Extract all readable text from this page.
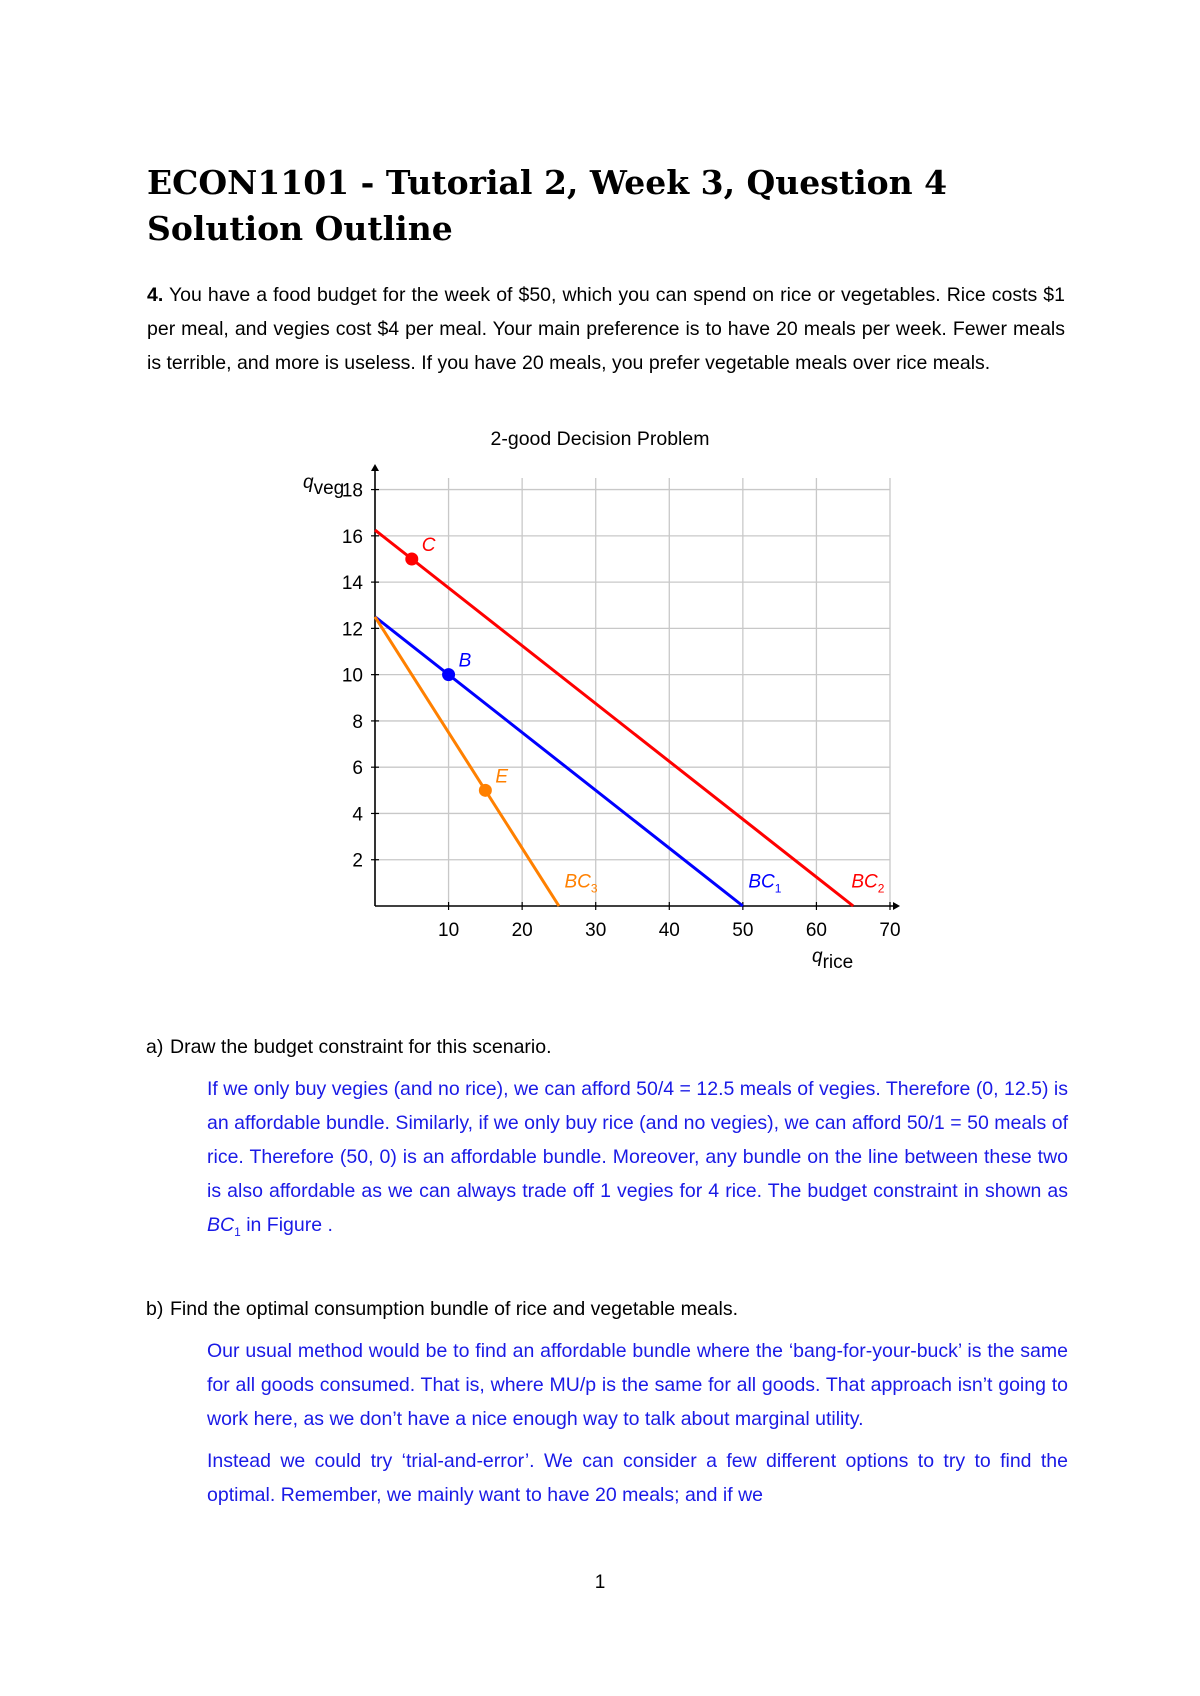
ECON1101 - Tutorial 2, Week 3, Question 4 Solution Outline

4. You have a food budget for the week of $50, which you can spend on rice or vegetables. Rice costs $1 per meal, and vegies cost $4 per meal. Your main preference is to have 20 meals per week. Fewer meals is terrible, and more is useless. If you have 20 meals, you prefer vegetable meals over rice meals.

2-good Decision Problem
10	20	30	40	50	60	70
2
4
6
8
10
12
14
16
18
qveg
qrice
$BC_1$	$BC_2$
$BC_3$
C
B
E
a) Draw the budget constraint for this scenario.
If we only buy vegies (and no rice), we can afford 50/4 = 12.5 meals of vegies. Therefore (0, 12.5) is an affordable bundle. Similarly, if we only buy rice (and no vegies), we can afford 50/1 = 50 meals of rice. Therefore (50, 0) is an affordable bundle. Moreover, any bundle on the line between these two is also affordable as we can always trade off 1 vegies for 4 rice. The budget constraint in shown as $BC_1$ in Figure .
b) Find the optimal consumption bundle of rice and vegetable meals.

Our usual method would be to find an affordable bundle where the ‘bang-for-your-buck’ is the same for all goods consumed. That is, where MU/p is the same for all goods. That approach isn’t going to work here, as we don’t have a nice enough way to talk about marginal utility.

Instead we could try ‘trial-and-error’. We can consider a few different options to try to find the optimal. Remember, we mainly want to have 20 meals; and if we

1
